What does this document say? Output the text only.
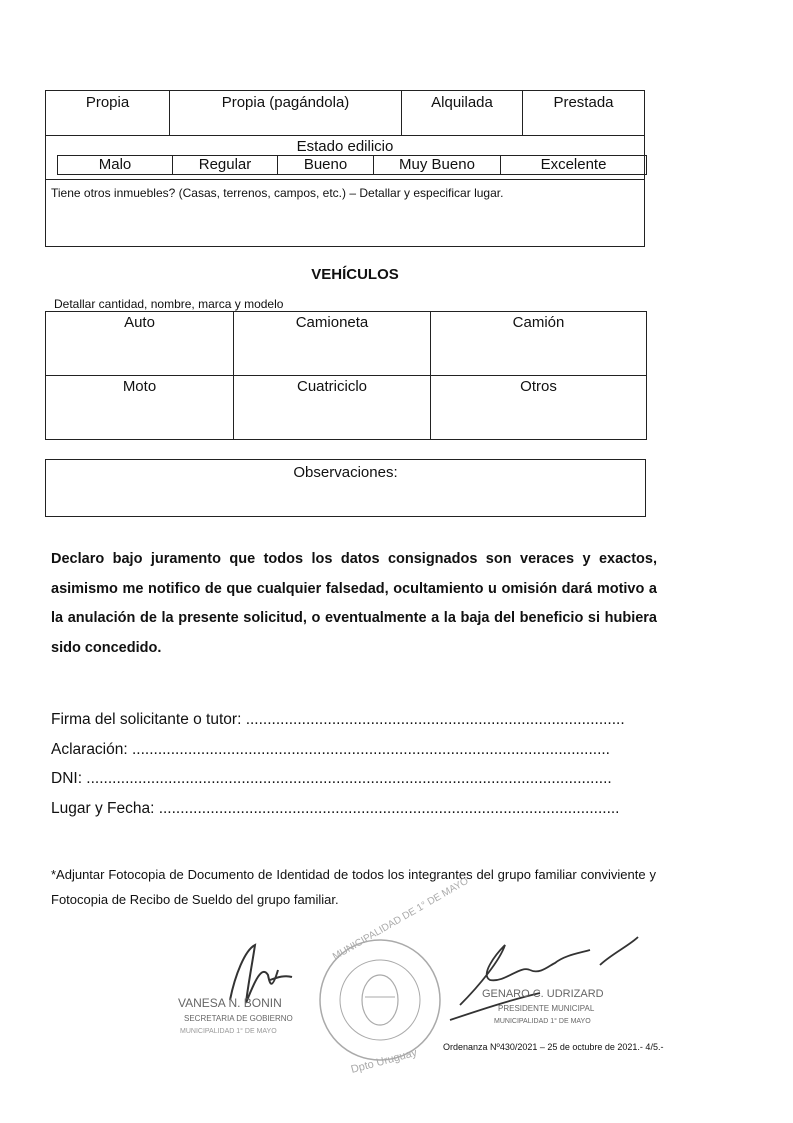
Propia	Propia (pagándola)	Alquilada	Prestada
Estado edilicio
Malo	Regular	Bueno	Muy Bueno	Excelente
Tiene otros inmuebles? (Casas, terrenos, campos, etc.) – Detallar y especificar lugar.
VEHÍCULOS
Detallar cantidad, nombre, marca y modelo
Auto	Camioneta	Camión

Moto	Cuatriciclo	Otros
Observaciones:
Declaro bajo juramento que todos los datos consignados son veraces y exactos, asimismo me notifico de que cualquier falsedad, ocultamiento u omisión dará motivo a la anulación de la presente solicitud, o eventualmente a la baja del beneficio si hubiera sido concedido.
Firma del solicitante o tutor: ........................................................................................
Aclaración: ...............................................................................................................
DNI: ..........................................................................................................................
Lugar y Fecha: ...........................................................................................................
*Adjuntar Fotocopia de Documento de Identidad de todos los integrantes del grupo familiar conviviente y Fotocopia de Recibo de Sueldo del grupo familiar.
VANESA N. BONIN
SECRETARIA DE GOBIERNO
MUNICIPALIDAD 1° DE MAYO
MUNICIPALIDAD DE 1° DE MAYO
Dpto Uruguay
GENARO C. UDRIZARD
PRESIDENTE MUNICIPAL
MUNICIPALIDAD 1° DE MAYO
Ordenanza Nº430/2021 – 25 de octubre de 2021.- 4/5.-
